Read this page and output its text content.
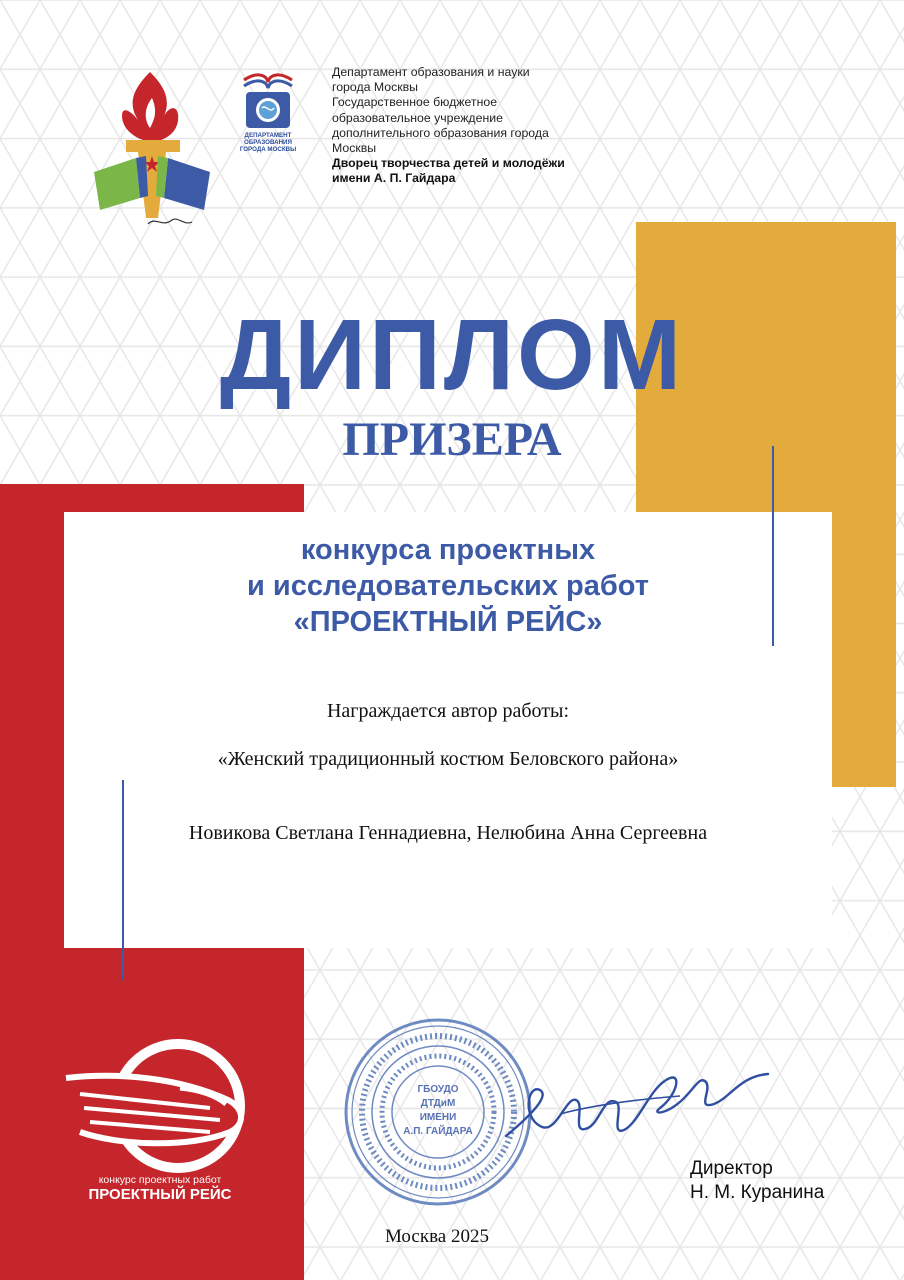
ДЕПАРТАМЕНТ
ОБРАЗОВАНИЯ
ГОРОДА МОСКВЫ
Департамент образования и науки
города Москвы
Государственное бюджетное
образовательное учреждение
дополнительного образования города
Москвы
Дворец творчества детей и молодёжи
имени А. П. Гайдара
ДИПЛОМ
ПРИЗЕРА
конкурса проектных
и исследовательских работ
«ПРОЕКТНЫЙ РЕЙС»
Награждается автор работы:
«Женский традиционный костюм Беловского района»
Новикова Светлана Геннадиевна, Нелюбина Анна Сергеевна
конкурс проектных работ
ПРОЕКТНЫЙ РЕЙС
ГБОУДО
ДТДиМ
ИМЕНИ
А.П. ГАЙДАРА
Директор
Н. М. Куранина
Москва 2025
